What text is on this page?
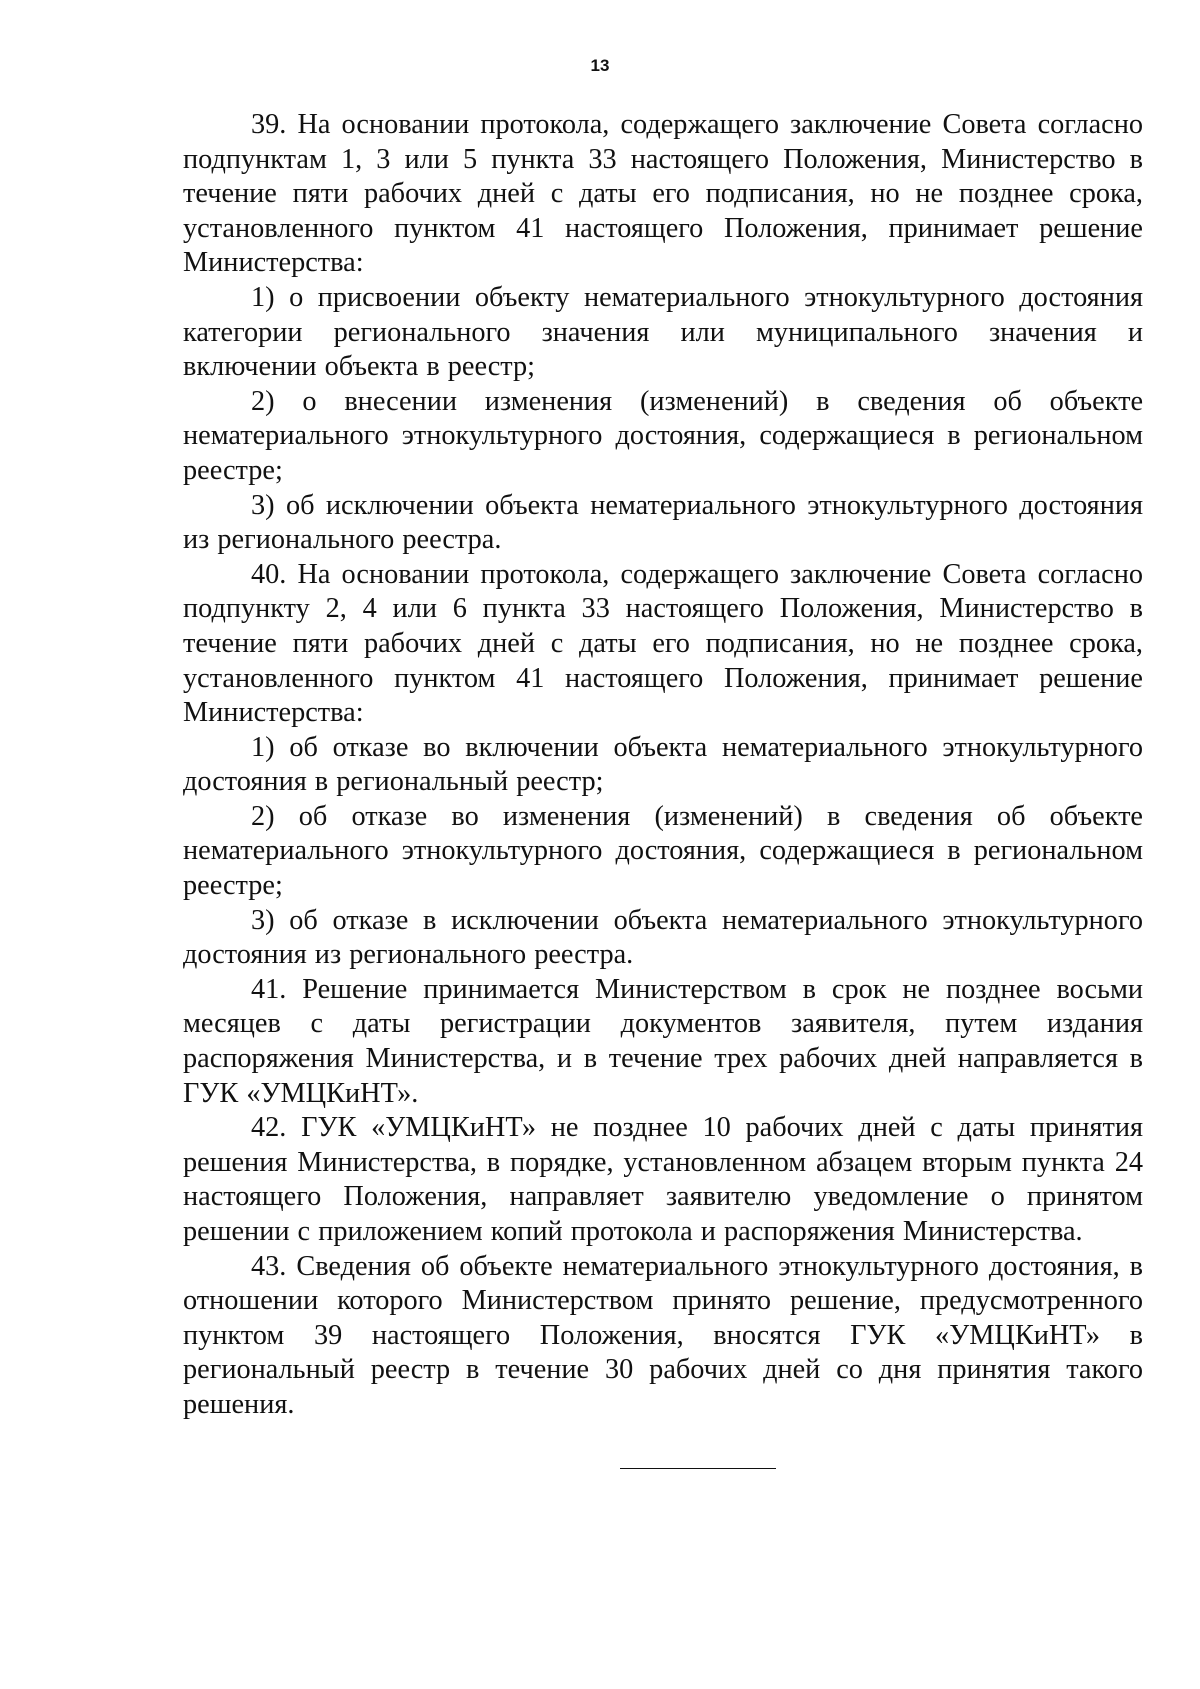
13

39. На основании протокола, содержащего заключение Совета согласно подпунктам 1, 3 или 5 пункта 33 настоящего Положения, Министерство в течение пяти рабочих дней с даты его подписания, но не позднее срока, установленного пунктом 41 настоящего Положения, принимает решение Министерства:

1) о присвоении объекту нематериального этнокультурного достояния категории регионального значения или муниципального значения и включении объекта в реестр;

2) о внесении изменения (изменений) в сведения об объекте нематериального этнокультурного достояния, содержащиеся в региональном реестре;

3) об исключении объекта нематериального этнокультурного достояния из регионального реестра.

40. На основании протокола, содержащего заключение Совета согласно подпункту 2, 4 или 6 пункта 33 настоящего Положения, Министерство в течение пяти рабочих дней с даты его подписания, но не позднее срока, установленного пунктом 41 настоящего Положения, принимает решение Министерства:

1) об отказе во включении объекта нематериального этнокультурного достояния в региональный реестр;

2) об отказе во изменения (изменений) в сведения об объекте нематериального этнокультурного достояния, содержащиеся в региональном реестре;

3) об отказе в исключении объекта нематериального этнокультурного достояния из регионального реестра.

41. Решение принимается Министерством в срок не позднее восьми месяцев с даты регистрации документов заявителя, путем издания распоряжения Министерства, и в течение трех рабочих дней направляется в ГУК «УМЦКиНТ».

42. ГУК «УМЦКиНТ» не позднее 10 рабочих дней с даты принятия решения Министерства, в порядке, установленном абзацем вторым пункта 24 настоящего Положения, направляет заявителю уведомление о принятом решении с приложением копий протокола и распоряжения Министерства.

43. Сведения об объекте нематериального этнокультурного достояния, в отношении которого Министерством принято решение, предусмотренного пунктом 39 настоящего Положения, вносятся ГУК «УМЦКиНТ» в региональный реестр в течение 30 рабочих дней со дня принятия такого решения.
